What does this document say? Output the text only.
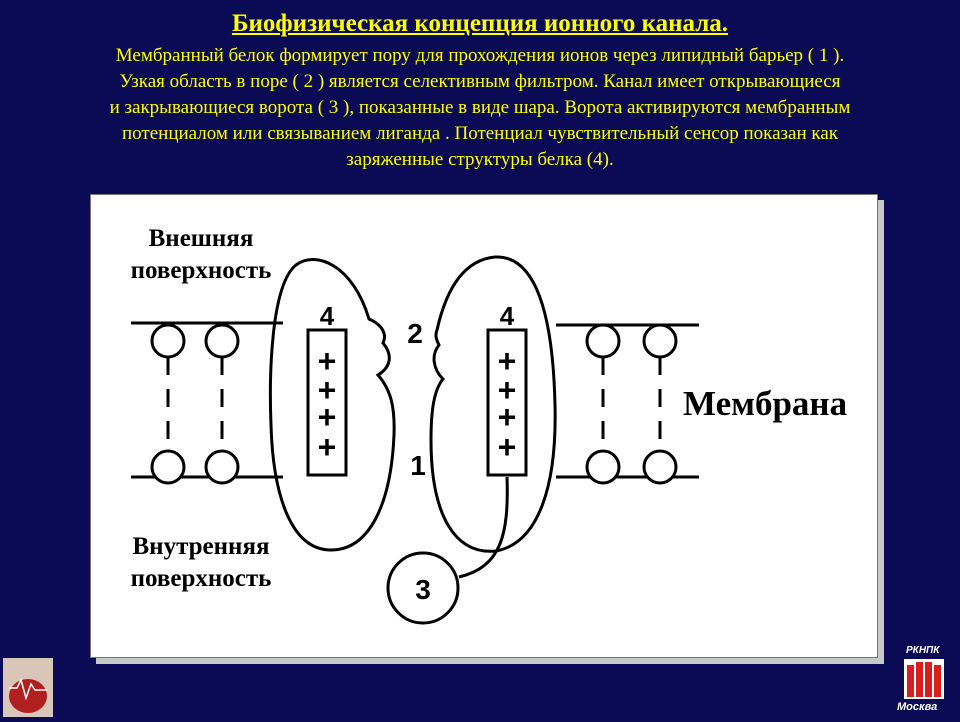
Биофизическая концепция ионного канала.
Мембранный белок формирует пору для прохождения ионов через липидный барьер ( 1 ).
Узкая область в поре ( 2 ) является селективным фильтром. Канал имеет открывающиеся
и закрывающиеся ворота ( 3 ), показанные в виде шара. Ворота активируются мембранным
потенциалом или связыванием лиганда . Потенциал чувствительный сенсор показан как
заряженные структуры белка (4).
4	4
2
1
3
+
+
+
+
+
+
+
+
Внешняя
поверхность
Внутренняя
поверхность
Мембрана
РКНПК
Москва
